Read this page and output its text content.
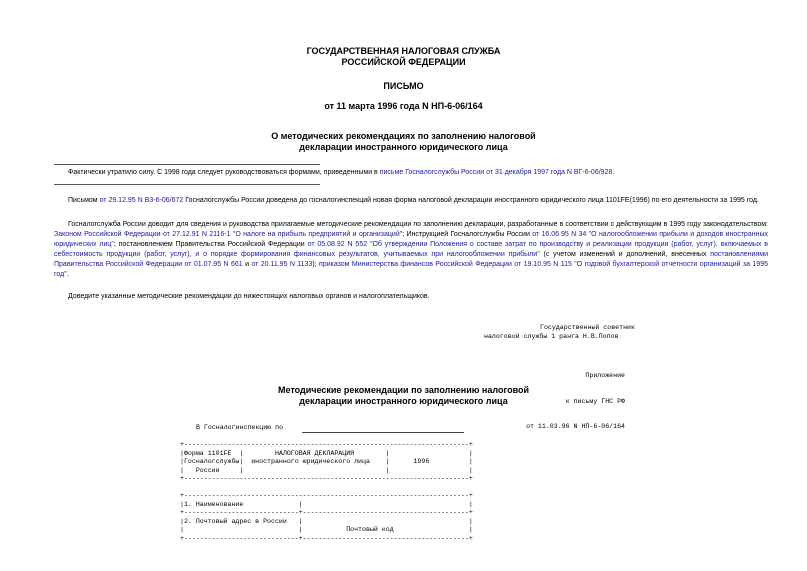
ГОСУДАРСТВЕННАЯ НАЛОГОВАЯ СЛУЖБА
РОССИЙСКОЙ ФЕДЕРАЦИИ
ПИСЬМО
от 11 марта 1996 года N НП-6-06/164
О методических рекомендациях по заполнению налоговой
декларации иностранного юридического лица
Фактически утратило силу. С 1998 года следует руководствоваться формами, приведенными в письме Госналогслужбы России от 31 декабря 1997 года N ВГ-6-06/928.
Письмом от 29.12.95 N ВЗ-6-06/672 Госналогслужбы России доведена до госналогинспекций новая форма налоговой декларации иностранного юридического лица 1101FE(1996) по его деятельности за 1995 год.
Госналогслужба России доводит для сведения и руководства прилагаемые методические рекомендации по заполнению декларации, разработанные в соответствии с действующим в 1995 году законодательством: Законом Российской Федерации от 27.12.91 N 2116-1 "О налоге на прибыль предприятий и организаций"; Инструкцией Госналогслужбы России от 16.06.95 N 34 "О налогообложении прибыли и доходов иностранных юридических лиц"; постановлением Правительства Российской Федерации от 05.08.92 N 552 "Об утверждении Положения о составе затрат по производству и реализации продукции (работ, услуг), включаемых в себестоимость продукции (работ, услуг), и о порядке формирования финансовых результатов, учитываемых при налогообложении прибыли" (с учетом изменений и дополнений, внесенных постановлениями Правительства Российской Федерации от 01.07.95 N 661 и от 20.11.95 N 1133); приказом Министерства финансов Российской Федерации от 19.10.95 N 115 "О годовой бухгалтерской отчетности организаций за 1995 год".
Доведите указанные методические рекомендации до нижестоящих налоговых органов и налогоплательщиков.
Государственный советник
налоговой службы 1 ранга Н.В.Попов

Приложение

к письму ГНС РФ

от 11.03.96 N НП-6-06/164

Методические рекомендации по заполнению налоговой
декларации иностранного юридического лица
В Госналогинспекцию по
+------------------------------------------------------------------------+
|Форма 1101FE  |        НАЛОГОВАЯ ДЕКЛАРАЦИЯ        |                    |
|Госналогслужбы|  иностранного юридического лица    |      1996          |
|   России     |                                    |                    |
+------------------------------------------------------------------------+

+------------------------------------------------------------------------+
|1. Наименование              |                                          |
+-----------------------------+------------------------------------------+
|2. Почтовый адрес в России   |                                          |
|                             |           Почтовый код                   |
+-----------------------------+------------------------------------------+
